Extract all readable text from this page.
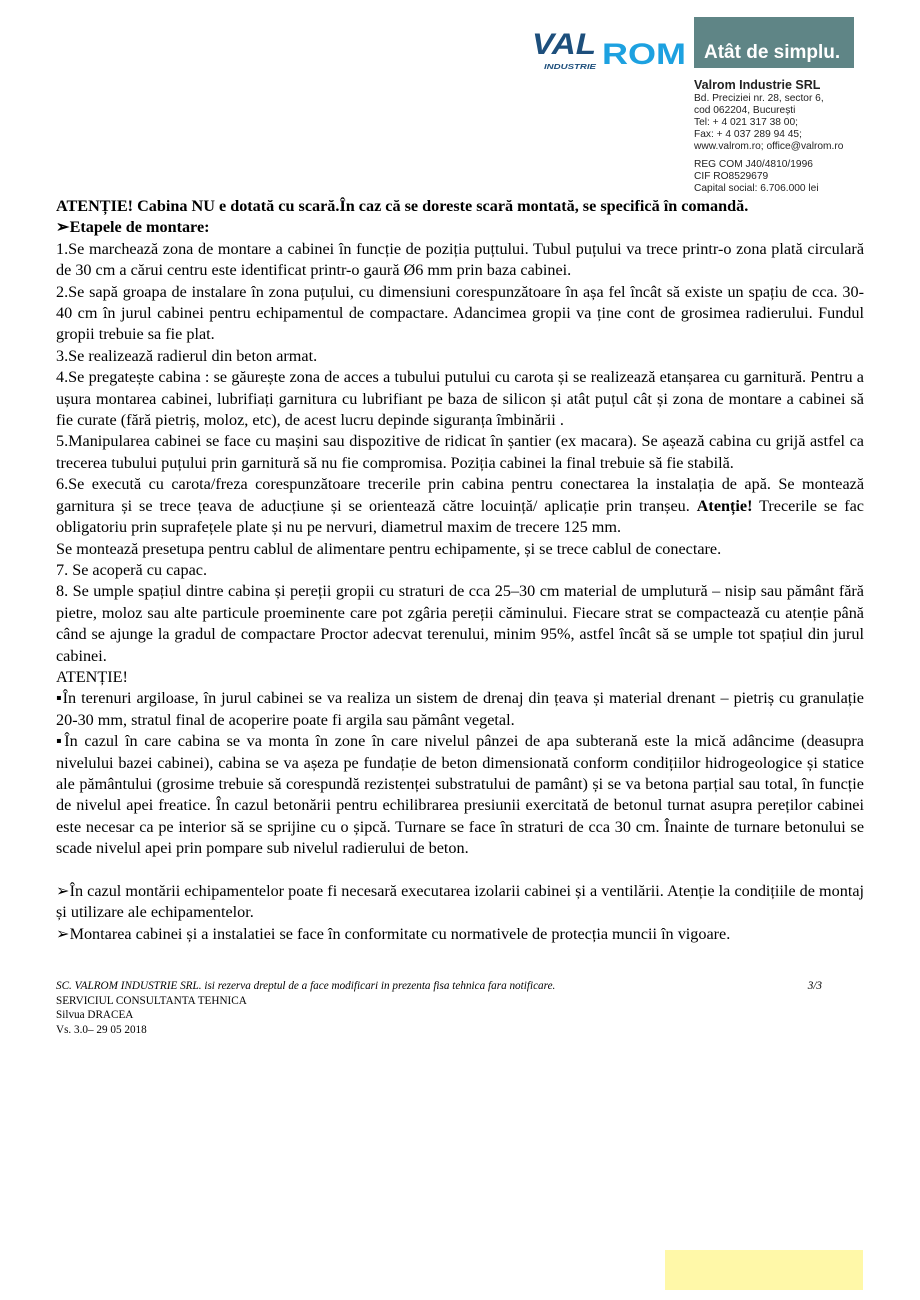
VAL ROM
INDUSTRIE
Atât de simplu.
Valrom Industrie SRL
Bd. Preciziei nr. 28, sector 6,
cod 062204, București
Tel: + 4 021 317 38 00;
Fax: + 4 037 289 94 45;
www.valrom.ro; office@valrom.ro
REG COM J40/4810/1996
CIF RO8529679
Capital social: 6.706.000 lei

ATENȚIE! Cabina NU e dotată cu scară.În caz că se doreste scară montată, se specifică în comandă.

➢Etapele de montare:

1.Se marchează zona de montare a cabinei în funcție de poziția puțtului. Tubul puțului va trece printr-o zona plată circulară de 30 cm a cărui centru este identificat printr-o gaură Ø6 mm prin baza cabinei.

2.Se sapă groapa de instalare în zona puțului, cu dimensiuni corespunzătoare în așa fel încât să existe un spațiu de cca. 30-40 cm în jurul cabinei pentru echipamentul de compactare. Adancimea gropii va ține cont de grosimea radierului. Fundul gropii trebuie sa fie plat.

3.Se realizează radierul din beton armat.

4.Se pregatește cabina : se găurește zona de acces a tubului putului cu carota și se realizează etanșarea cu garnitură. Pentru a ușura montarea cabinei, lubrifiați garnitura cu lubrifiant pe baza de silicon și atât puțul cât și zona de montare a cabinei să fie curate (fără pietriș, moloz, etc), de acest lucru depinde siguranța îmbinării .

5.Manipularea cabinei se face cu mașini sau dispozitive de ridicat în șantier (ex macara). Se așează cabina cu grijă astfel ca trecerea tubului puțului prin garnitură să nu fie compromisa. Poziția cabinei la final trebuie să fie stabilă.

6.Se execută cu carota/freza corespunzătoare trecerile prin cabina pentru conectarea la instalația de apă. Se montează garnitura și se trece țeava de aducțiune și se orientează către locuință/ aplicație prin tranșeu. Atenție! Trecerile se fac obligatoriu prin suprafețele plate și nu pe nervuri, diametrul maxim de trecere 125 mm.

Se montează presetupa pentru cablul de alimentare pentru echipamente, și se trece cablul de conectare.

7. Se acoperă cu capac.

8. Se umple spațiul dintre cabina și pereții gropii cu straturi de cca 25–30 cm material de umplutură – nisip sau pământ fără pietre, moloz sau alte particule proeminente care pot zgâria pereții căminului. Fiecare strat se compactează cu atenție până când se ajunge la gradul de compactare Proctor adecvat terenului, minim 95%, astfel încât să se umple tot spațiul din jurul cabinei.

ATENȚIE!

▪În terenuri argiloase, în jurul cabinei se va realiza un sistem de drenaj din țeava și material drenant – pietriș cu granulație 20-30 mm, stratul final de acoperire poate fi argila sau pământ vegetal.

▪În cazul în care cabina se va monta în zone în care nivelul pânzei de apa subterană este la mică adâncime (deasupra nivelului bazei cabinei), cabina se va așeza pe fundație de beton dimensionată conform condițiilor hidrogeologice și statice ale pământului (grosime trebuie să corespundă rezistenței substratului de pamânt) și se va betona parțial sau total, în funcție de nivelul apei freatice. În cazul betonării pentru echilibrarea presiunii exercitată de betonul turnat asupra pereților cabinei este necesar ca pe interior să se sprijine cu o șipcă. Turnare se face în straturi de cca 30 cm. Înainte de turnare betonului se scade nivelul apei prin pompare sub nivelul radierului de beton.

➢În cazul montării echipamentelor poate fi necesară executarea izolarii cabinei și a ventilării. Atenție la condițiile de montaj și utilizare ale echipamentelor.

➢Montarea cabinei și a instalatiei se face în conformitate cu normativele de protecția muncii în vigoare.

SC. VALROM INDUSTRIE SRL. isi rezerva dreptul de a face modificari in prezenta fisa tehnica fara notificare.	3/3
SERVICIUL CONSULTANTA TEHNICA
Silvua DRACEA
Vs. 3.0– 29 05 2018
